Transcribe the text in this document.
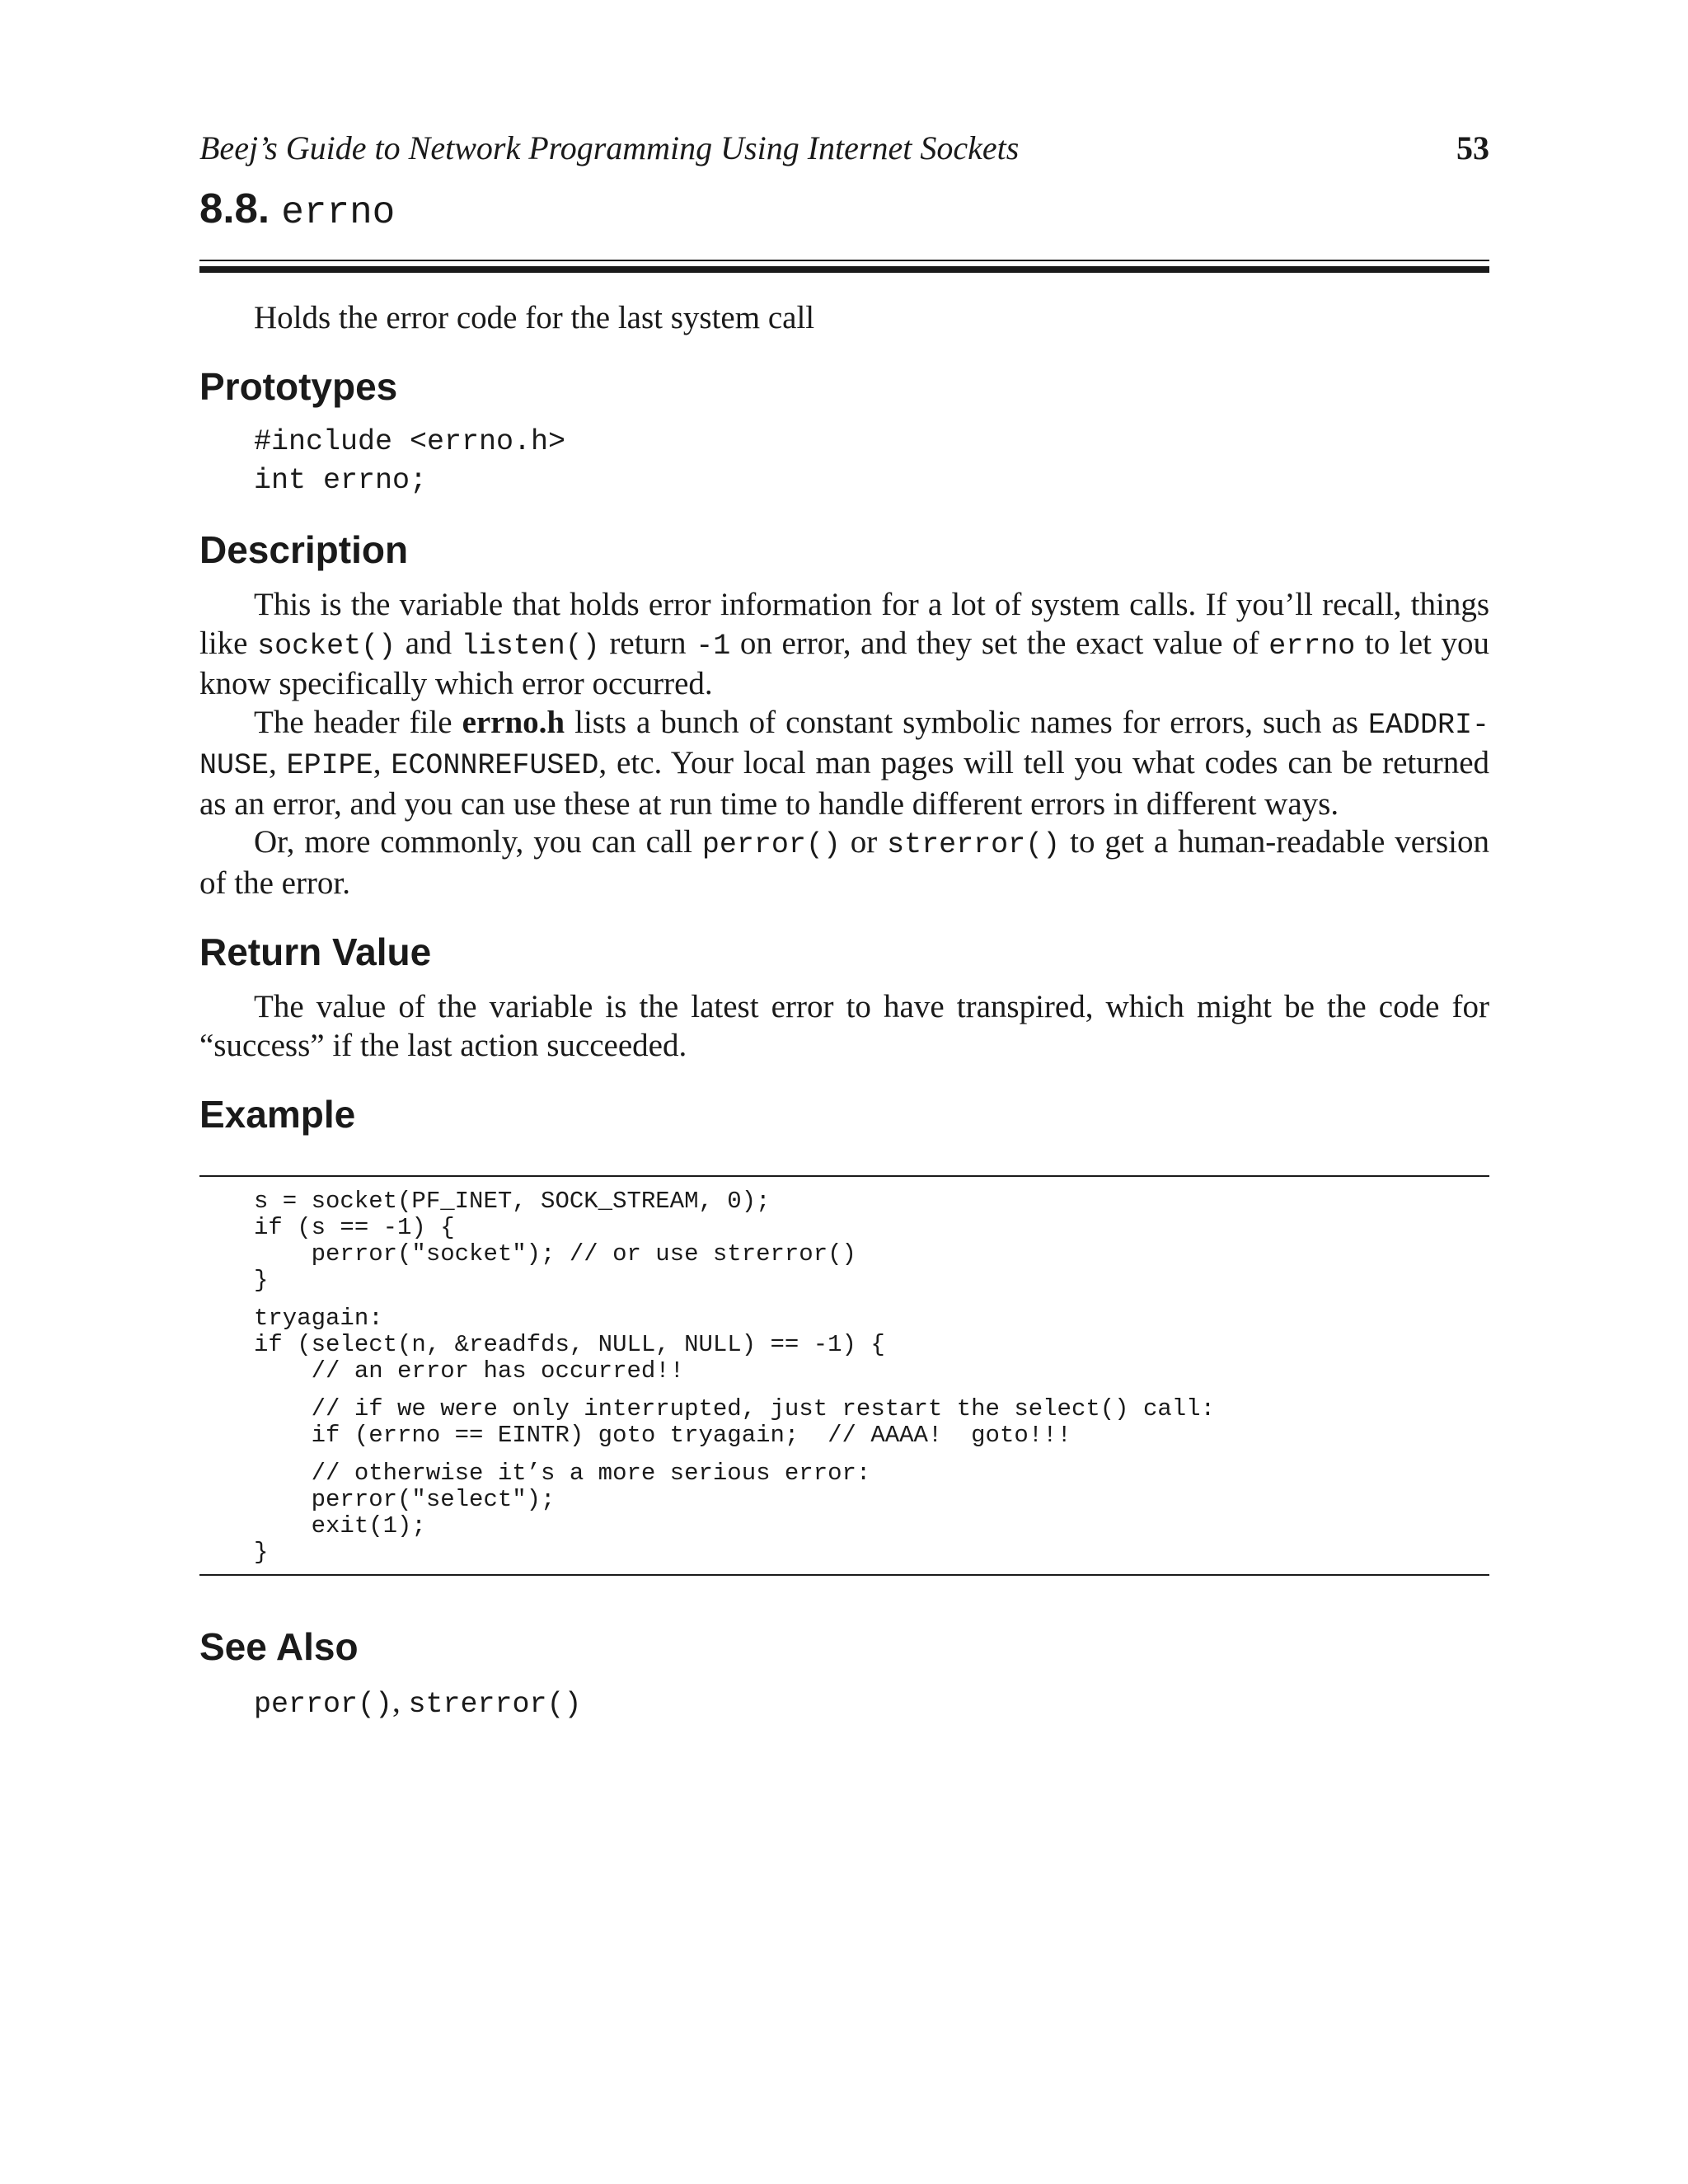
Beej’s Guide to Network Programming Using Internet Sockets	53
8.8. errno

Holds the error code for the last system call

Prototypes
#include <errno.h>
int errno;
Description

This is the variable that holds error information for a lot of system calls. If you’ll recall, things like socket() and listen() return -1 on error, and they set the exact value of errno to let you know specifically which error occurred.

The header file errno.h lists a bunch of constant symbolic names for errors, such as EADDRI-NUSE, EPIPE, ECONNREFUSED, etc. Your local man pages will tell you what codes can be returned as an error, and you can use these at run time to handle different errors in different ways.

Or, more commonly, you can call perror() or strerror() to get a human-readable version of the error.

Return Value

The value of the variable is the latest error to have transpired, which might be the code for “success” if the last action succeeded.

Example
s = socket(PF_INET, SOCK_STREAM, 0);
if (s == -1) {
perror("socket"); // or use strerror()
}
tryagain:
if (select(n, &readfds, NULL, NULL) == -1) {
// an error has occurred!!
// if we were only interrupted, just restart the select() call:
if (errno == EINTR) goto tryagain;  // AAAA!  goto!!!
// otherwise it’s a more serious error:
perror("select");
exit(1);
}
See Also
perror(), strerror()
